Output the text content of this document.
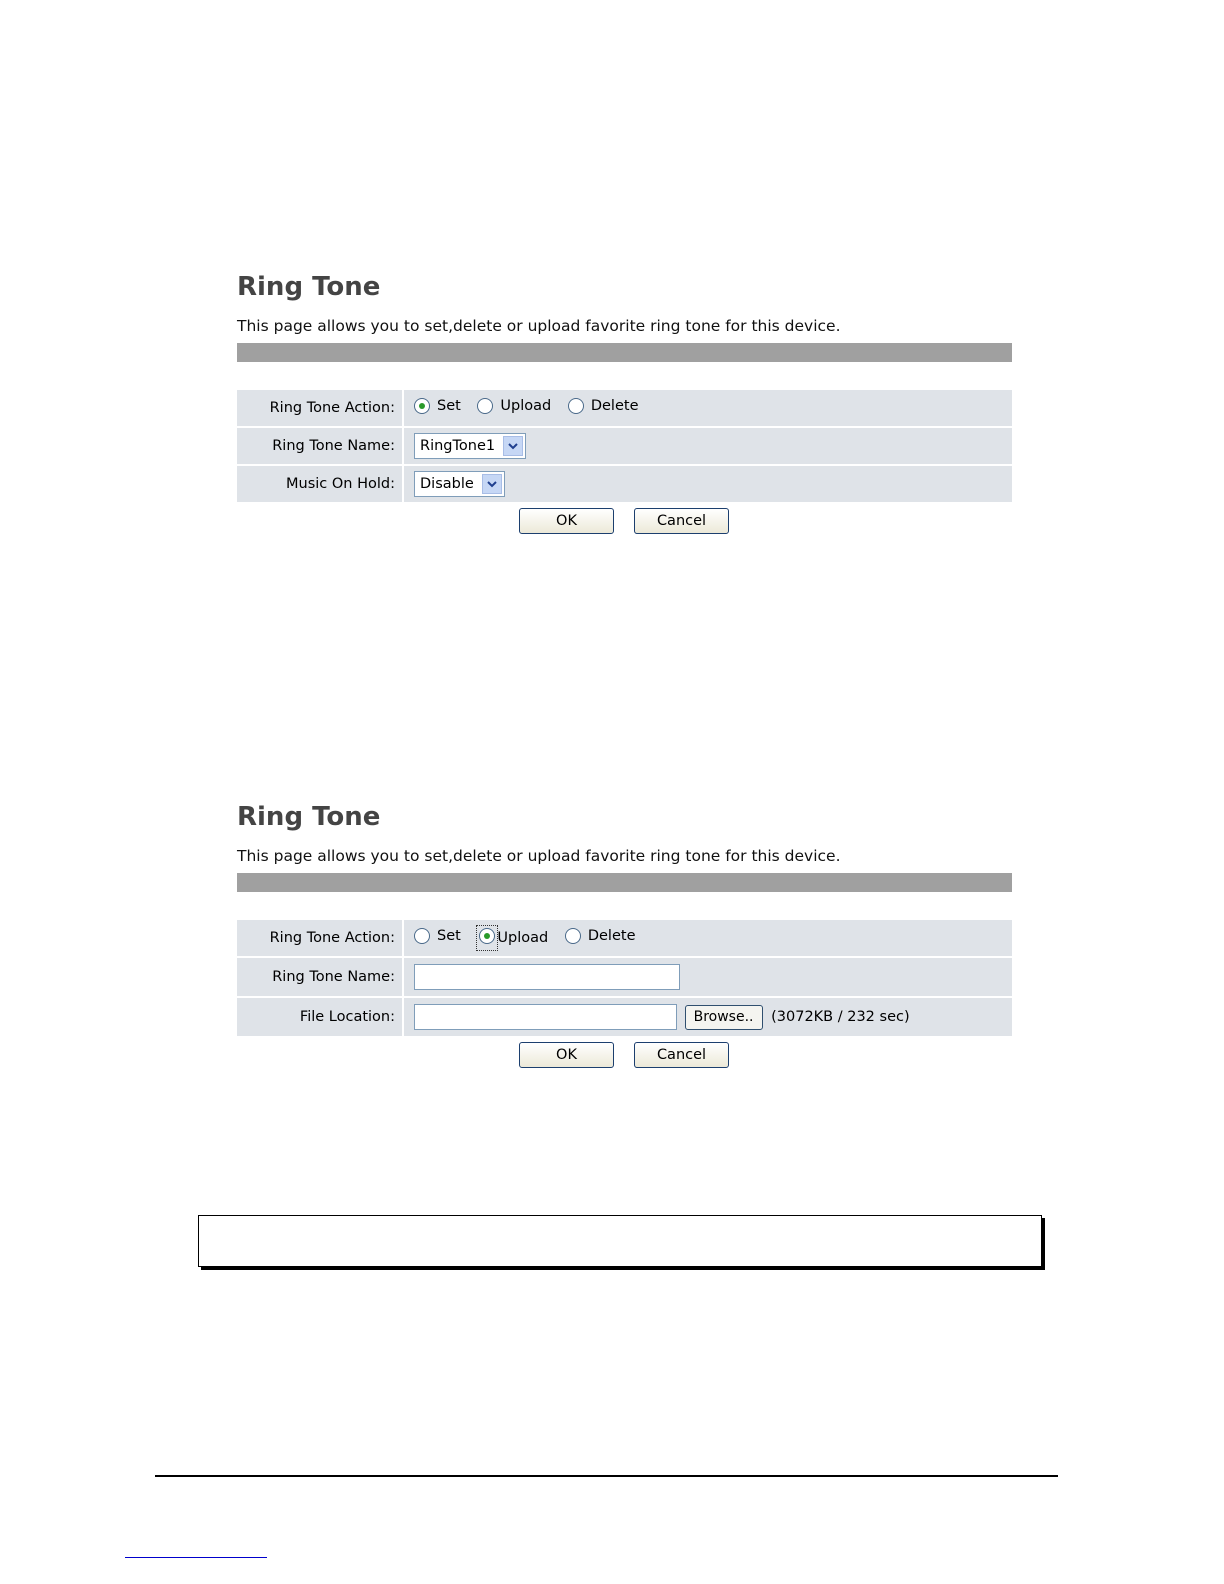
Ring Tone
This page allows you to set,delete or upload favorite ring tone for this device.
Ring Tone Action:	Set
Upload
Delete

Ring Tone Name:	RingTone1

Music On Hold:	Disable
OK	Cancel
Ring Tone
This page allows you to set,delete or upload favorite ring tone for this device.
Ring Tone Action:	Set
Upload
Delete

Ring Tone Name:	
File Location:	Browse.. (3072KB / 232 sec)
OK	Cancel
